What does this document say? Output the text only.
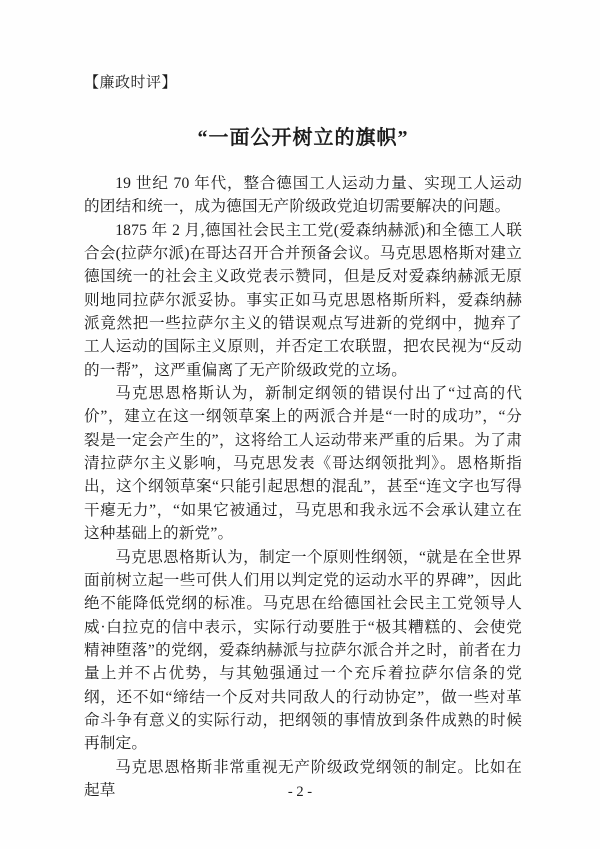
【廉政时评】
“一面公开树立的旗帜”

19 世纪 70 年代，整合德国工人运动力量、实现工人运动的团结和统一，成为德国无产阶级政党迫切需要解决的问题。

1875 年 2 月,德国社会民主工党(爱森纳赫派)和全德工人联合会(拉萨尔派)在哥达召开合并预备会议。马克思恩格斯对建立德国统一的社会主义政党表示赞同，但是反对爱森纳赫派无原则地同拉萨尔派妥协。事实正如马克思恩格斯所料，爱森纳赫派竟然把一些拉萨尔主义的错误观点写进新的党纲中，抛弃了工人运动的国际主义原则，并否定工农联盟，把农民视为“反动的一帮”，这严重偏离了无产阶级政党的立场。

马克思恩格斯认为，新制定纲领的错误付出了“过高的代价”，建立在这一纲领草案上的两派合并是“一时的成功”，“分裂是一定会产生的”，这将给工人运动带来严重的后果。为了肃清拉萨尔主义影响，马克思发表《哥达纲领批判》。恩格斯指出，这个纲领草案“只能引起思想的混乱”，甚至“连文字也写得干瘪无力”，“如果它被通过，马克思和我永远不会承认建立在这种基础上的新党”。

马克思恩格斯认为，制定一个原则性纲领，“就是在全世界面前树立起一些可供人们用以判定党的运动水平的界碑”，因此绝不能降低党纲的标准。马克思在给德国社会民主工党领导人威·白拉克的信中表示，实际行动要胜于“极其糟糕的、会使党精神堕落”的党纲，爱森纳赫派与拉萨尔派合并之时，前者在力量上并不占优势，与其勉强通过一个充斥着拉萨尔信条的党纲，还不如“缔结一个反对共同敌人的行动协定”，做一些对革命斗争有意义的实际行动，把纲领的事情放到条件成熟的时候再制定。

马克思恩格斯非常重视无产阶级政党纲领的制定。比如在起草	- 2 -
